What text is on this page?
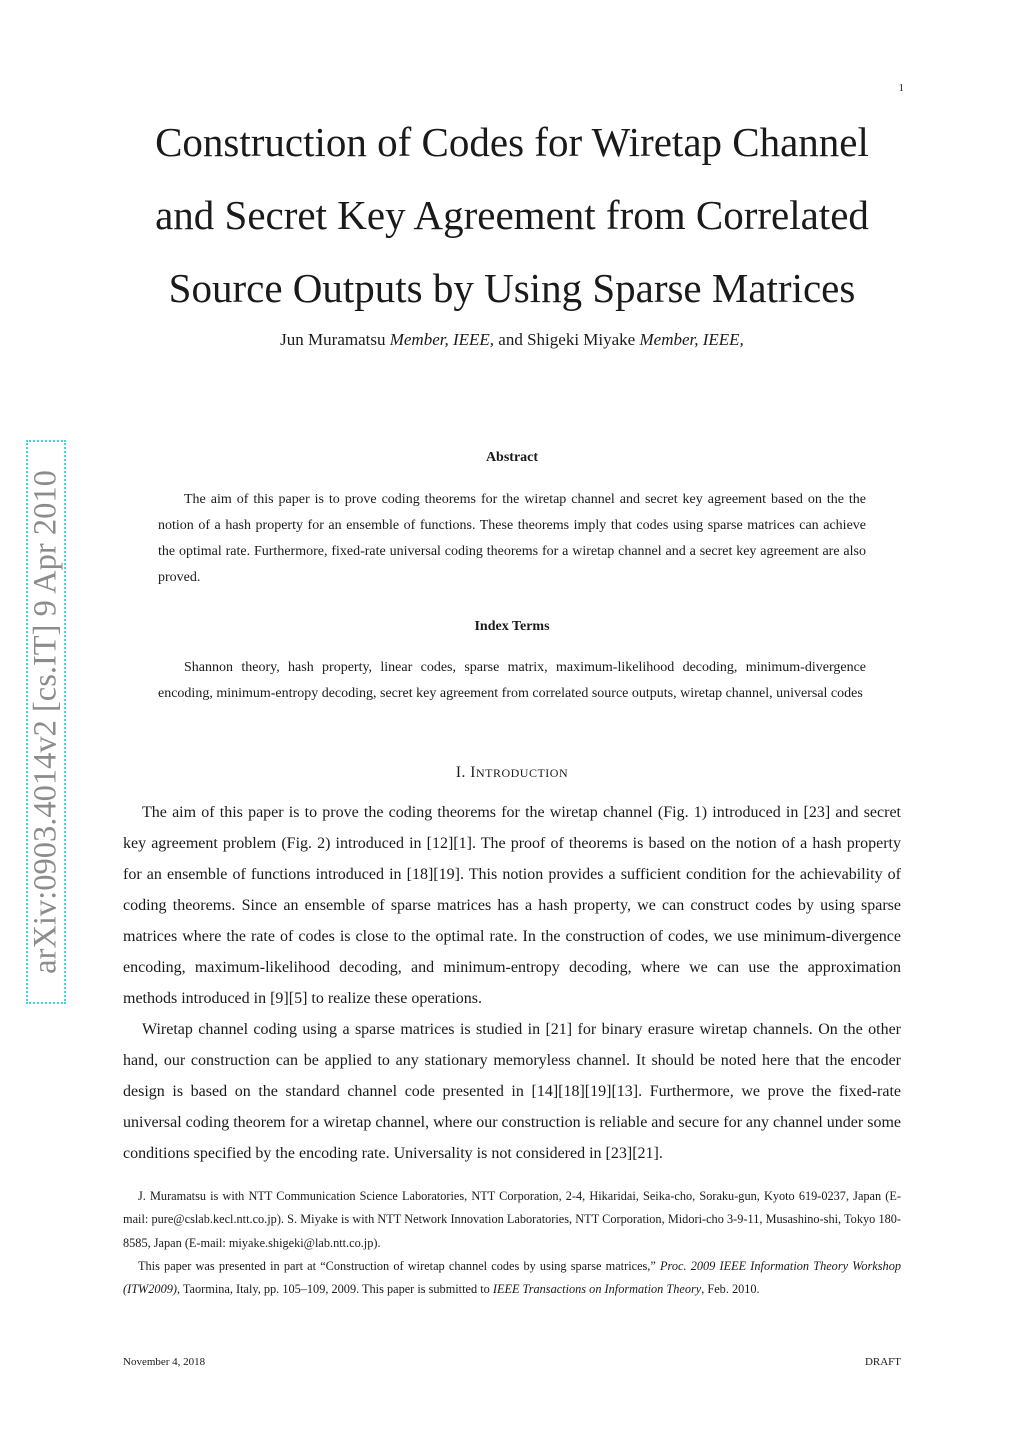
1
arXiv:0903.4014v2 [cs.IT] 9 Apr 2010
Construction of Codes for Wiretap Channel
and Secret Key Agreement from Correlated
Source Outputs by Using Sparse Matrices
Jun Muramatsu Member, IEEE, and Shigeki Miyake Member, IEEE,
Abstract

The aim of this paper is to prove coding theorems for the wiretap channel and secret key agreement based on the the notion of a hash property for an ensemble of functions. These theorems imply that codes using sparse matrices can achieve the optimal rate. Furthermore, fixed-rate universal coding theorems for a wiretap channel and a secret key agreement are also proved.

Index Terms

Shannon theory, hash property, linear codes, sparse matrix, maximum-likelihood decoding, minimum-divergence encoding, minimum-entropy decoding, secret key agreement from correlated source outputs, wiretap channel, universal codes

I. INTRODUCTION

The aim of this paper is to prove the coding theorems for the wiretap channel (Fig. 1) introduced in [23] and secret key agreement problem (Fig. 2) introduced in [12][1]. The proof of theorems is based on the notion of a hash property for an ensemble of functions introduced in [18][19]. This notion provides a sufficient condition for the achievability of coding theorems. Since an ensemble of sparse matrices has a hash property, we can construct codes by using sparse matrices where the rate of codes is close to the optimal rate. In the construction of codes, we use minimum-divergence encoding, maximum-likelihood decoding, and minimum-entropy decoding, where we can use the approximation methods introduced in [9][5] to realize these operations.

Wiretap channel coding using a sparse matrices is studied in [21] for binary erasure wiretap channels. On the other hand, our construction can be applied to any stationary memoryless channel. It should be noted here that the encoder design is based on the standard channel code presented in [14][18][19][13]. Furthermore, we prove the fixed-rate universal coding theorem for a wiretap channel, where our construction is reliable and secure for any channel under some conditions specified by the encoding rate. Universality is not considered in [23][21].

J. Muramatsu is with NTT Communication Science Laboratories, NTT Corporation, 2-4, Hikaridai, Seika-cho, Soraku-gun, Kyoto 619-0237, Japan (E-mail: pure@cslab.kecl.ntt.co.jp). S. Miyake is with NTT Network Innovation Laboratories, NTT Corporation, Midori-cho 3-9-11, Musashino-shi, Tokyo 180-8585, Japan (E-mail: miyake.shigeki@lab.ntt.co.jp).

This paper was presented in part at “Construction of wiretap channel codes by using sparse matrices,” Proc. 2009 IEEE Information Theory Workshop (ITW2009), Taormina, Italy, pp. 105–109, 2009. This paper is submitted to IEEE Transactions on Information Theory, Feb. 2010.

November 4, 2018	DRAFT
